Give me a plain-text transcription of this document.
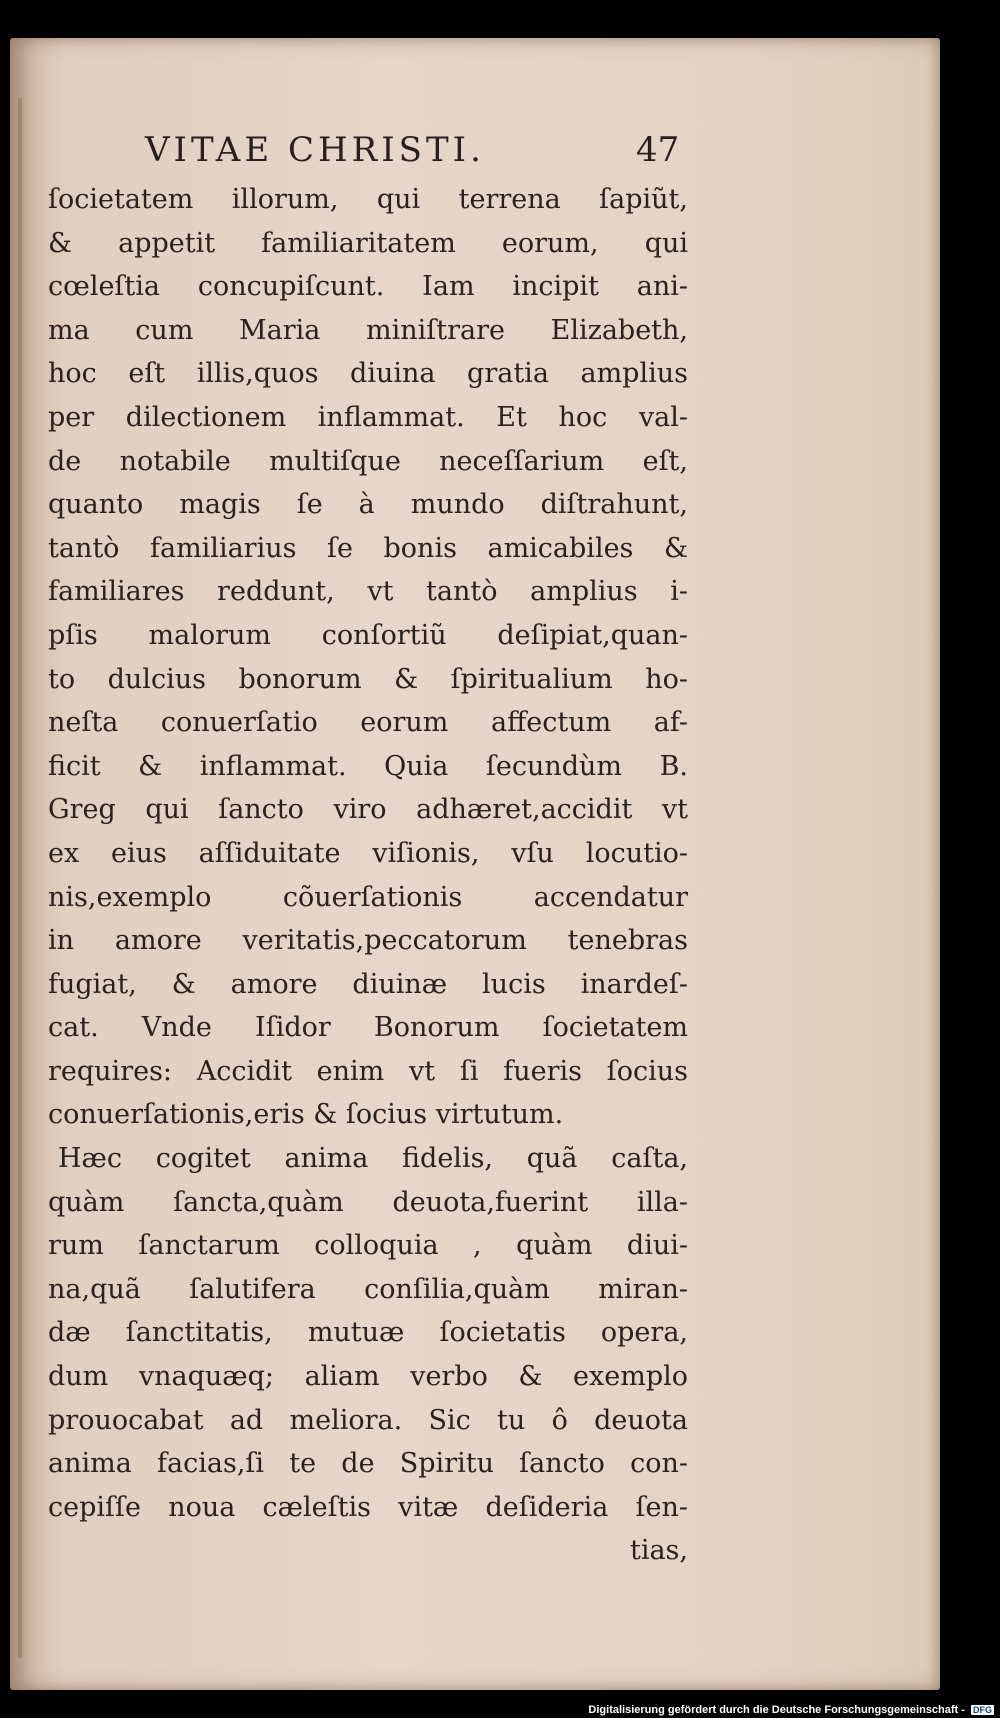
VITAE CHRISTI.	47
ſocietatem illorum, qui terrena ſapiũt,
& appetit familiaritatem eorum, qui
cœleſtia concupiſcunt. Iam incipit ani-
ma cum Maria miniſtrare Elizabeth,
hoc eſt illis,quos diuina gratia amplius
per dilectionem inflammat. Et hoc val-
de notabile multiſque neceſſarium eſt,
quanto magis ſe à mundo diſtrahunt,
tantò familiarius ſe bonis amicabiles &
familiares reddunt, vt tantò amplius i-
pſis malorum conſortiũ deſipiat,quan-
to dulcius bonorum & ſpiritualium ho-
neſta conuerſatio eorum affectum af-
ficit & inflammat. Quia ſecundùm B.
Greg qui ſancto viro adhæret,accidit vt
ex eius aſſiduitate viſionis, vſu locutio-
nis,exemplo cõuerſationis accendatur
in amore veritatis,peccatorum tenebras
fugiat, & amore diuinæ lucis inardeſ-
cat. Vnde Iſidor Bonorum ſocietatem
requires: Accidit enim vt ſi fueris ſocius
conuerſationis,eris & ſocius virtutum.
Hæc cogitet anima fidelis, quã caſta,
quàm ſancta,quàm deuota,fuerint illa-
rum ſanctarum colloquia , quàm diui-
na,quã ſalutifera conſilia,quàm miran-
dæ ſanctitatis, mutuæ ſocietatis opera,
dum vnaquæq; aliam verbo & exemplo
prouocabat ad meliora. Sic tu ô deuota
anima facias,ſi te de Spiritu ſancto con-
cepiſſe noua cæleſtis vitæ deſideria ſen-
tias,
Digitalisierung gefördert durch die Deutsche Forschungsgemeinschaft - DFG
